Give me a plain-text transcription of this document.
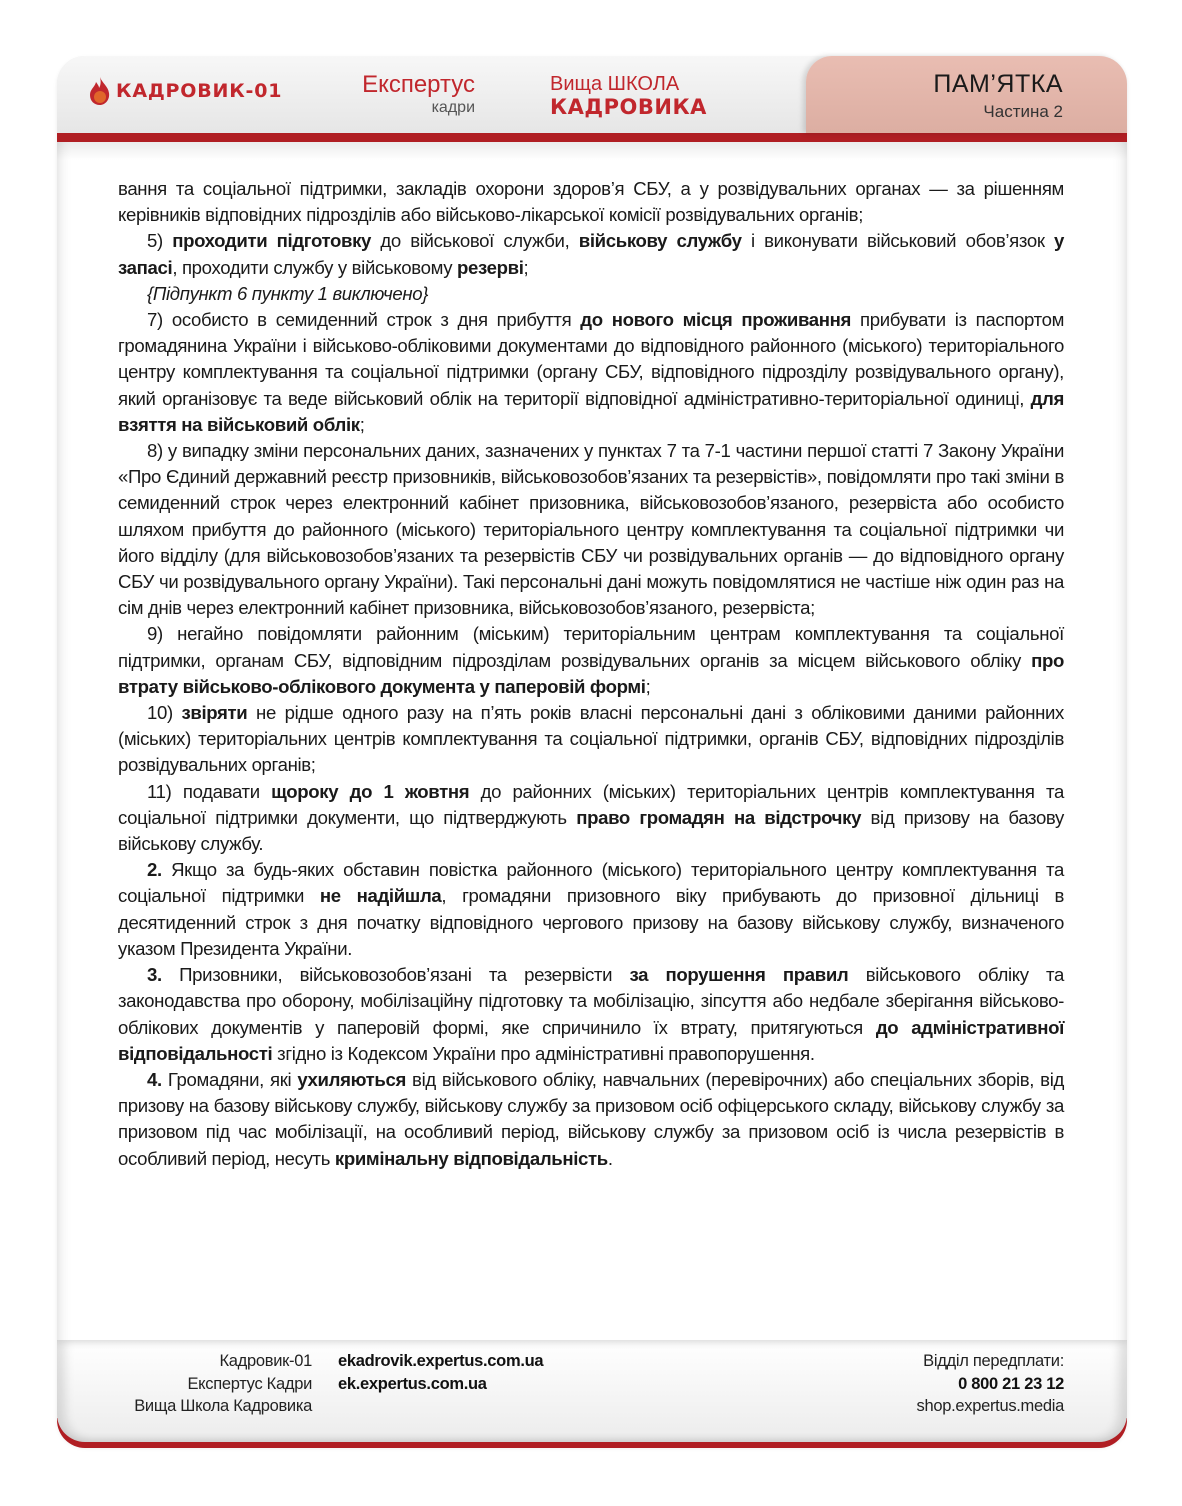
КАДРОВИК-01	Експертус
кадри
Вища ШКОЛА
КАДРОВИКА
ПАМ’ЯТКА
Частина 2

вання та соціальної підтримки, закладів охорони здоров’я СБУ, а у розвідувальних органах — за рішенням керівників відповідних підрозділів або військово-лікарської комісії розвідувальних органів;

5) проходити підготовку до військової служби, військову службу і виконувати військовий обов’язок у запасі, проходити службу у військовому резерві;

{Підпункт 6 пункту 1 виключено}

7) особисто в семиденний строк з дня прибуття до нового місця проживання прибувати із паспортом громадянина України і військово-обліковими документами до відповідного районного (міського) територіального центру комплектування та соціальної підтримки (органу СБУ, відповідного підрозділу розвідувального органу), який організовує та веде військовий облік на території відповідної адміністративно-територіальної одиниці, для взяття на військовий облік;

8) у випадку зміни персональних даних, зазначених у пунктах 7 та 7-1 частини першої статті 7 Закону України «Про Єдиний державний реєстр призовників, військовозобов’язаних та резервістів», повідомляти про такі зміни в семиденний строк через електронний кабінет призовника, військовозобов’язаного, резервіста або особисто шляхом прибуття до районного (міського) територіального центру комплектування та соціальної підтримки чи його відділу (для військовозобов’язаних та резервістів СБУ чи розвідувальних органів — до відповідного органу СБУ чи розвідувального органу України). Такі персональні дані можуть повідомлятися не частіше ніж один раз на сім днів через електронний кабінет призовника, військовозобов’язаного, резервіста;

9) негайно повідомляти районним (міським) територіальним центрам комплектування та соціальної підтримки, органам СБУ, відповідним підрозділам розвідувальних органів за місцем військового обліку про втрату військово-облікового документа у паперовій формі;

10) звіряти не рідше одного разу на п’ять років власні персональні дані з обліковими даними районних (міських) територіальних центрів комплектування та соціальної підтримки, органів СБУ, відповідних підрозділів розвідувальних органів;

11) подавати щороку до 1 жовтня до районних (міських) територіальних центрів комплектування та соціальної підтримки документи, що підтверджують право громадян на відстрочку від призову на базову військову службу.

2. Якщо за будь-яких обставин повістка районного (міського) територіального центру комплектування та соціальної підтримки не надійшла, громадяни призовного віку прибувають до призовної дільниці в десятиденний строк з дня початку відповідного чергового призову на базову військову службу, визначеного указом Президента України.

3. Призовники, військовозобов’язані та резервісти за порушення правил військового обліку та законодавства про оборону, мобілізаційну підготовку та мобілізацію, зіпсуття або недбале зберігання військово-облікових документів у паперовій формі, яке спричинило їх втрату, притягуються до адміністративної відповідальності згідно із Кодексом України про адміністративні правопорушення.

4. Громадяни, які ухиляються від військового обліку, навчальних (перевірочних) або спеціальних зборів, від призову на базову військову службу, військову службу за призовом осіб офіцерського складу, військову службу за призовом під час мобілізації, на особливий період, військову службу за призовом осіб із числа резервістів в особливий період, несуть кримінальну відповідальність.

Кадровик-01
Експертус Кадри
Вища Школа Кадровика
ekadrovik.expertus.com.ua
ek.expertus.com.ua
Відділ передплати:
0 800 21 23 12
shop.expertus.media
